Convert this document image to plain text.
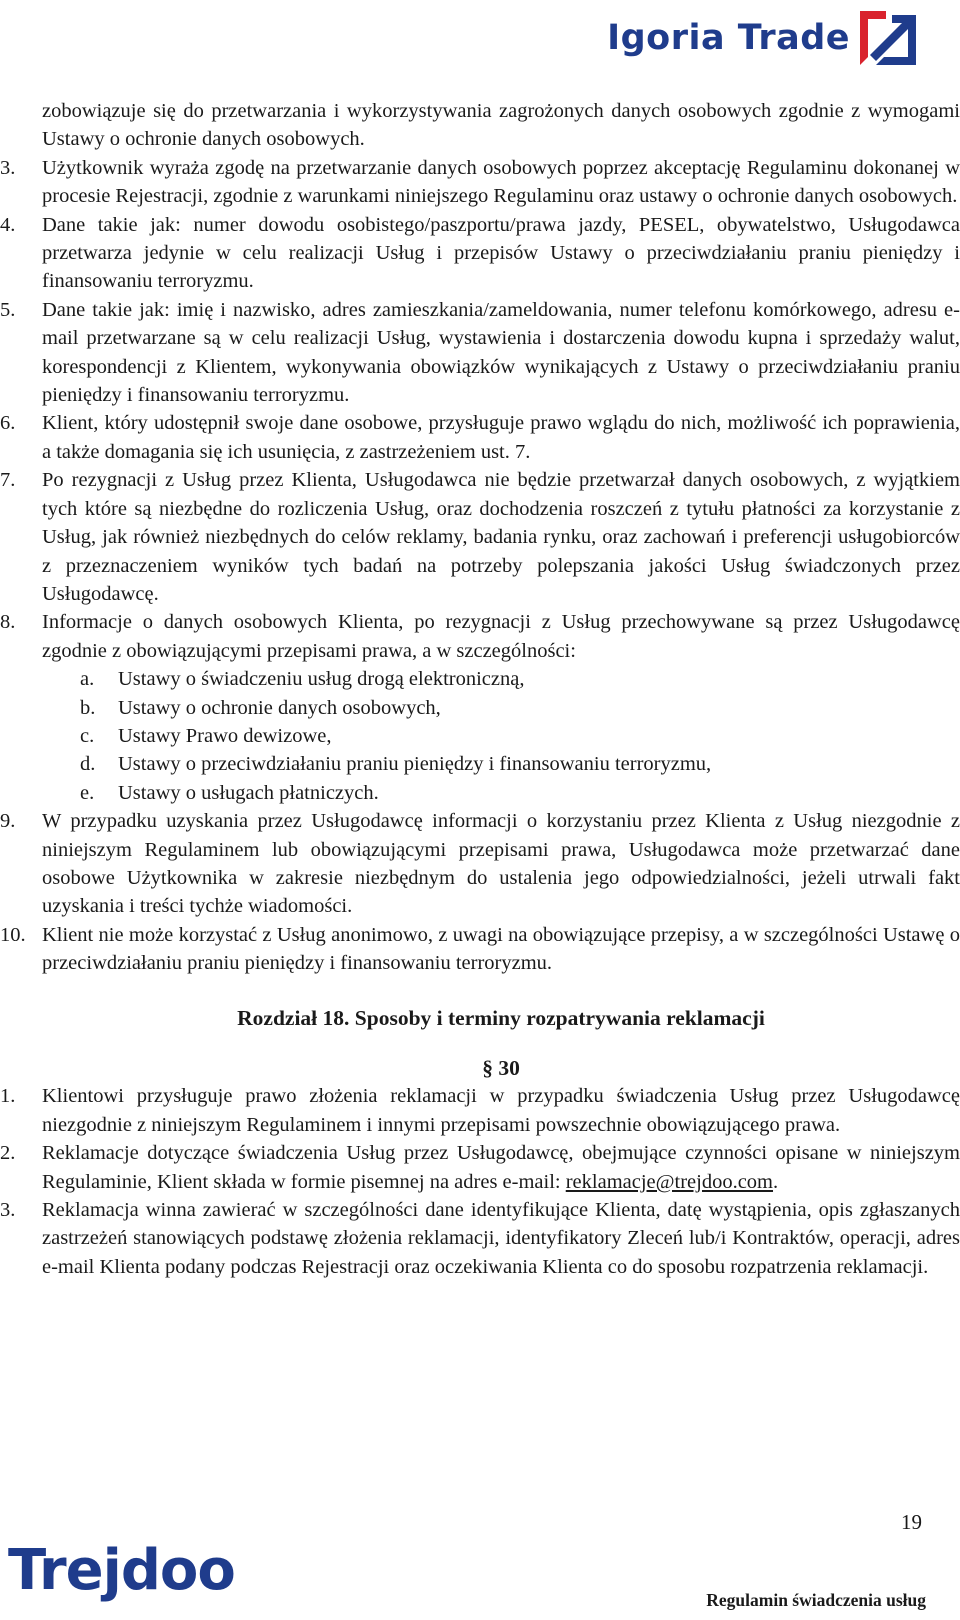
Igoria Trade

zobowiązuje się do przetwarzania i wykorzystywania zagrożonych danych osobowych zgodnie z wymogami Ustawy o ochronie danych osobowych.

3.	Użytkownik wyraża zgodę na przetwarzanie danych osobowych poprzez akceptację Regulaminu dokonanej w procesie Rejestracji, zgodnie z warunkami niniejszego Regulaminu oraz ustawy o ochronie danych osobowych.
4.	Dane takie jak: numer dowodu osobistego/paszportu/prawa jazdy, PESEL, obywatelstwo, Usługodawca przetwarza jedynie w celu realizacji Usług i przepisów Ustawy o przeciwdziałaniu praniu pieniędzy i finansowaniu terroryzmu.
5.	Dane takie jak: imię i nazwisko, adres zamieszkania/zameldowania, numer telefonu komórkowego, adresu e-mail przetwarzane są w celu realizacji Usług, wystawienia i dostarczenia dowodu kupna i sprzedaży walut, korespondencji z Klientem, wykonywania obowiązków wynikających z Ustawy o przeciwdziałaniu praniu pieniędzy i finansowaniu terroryzmu.
6.	Klient, który udostępnił swoje dane osobowe, przysługuje prawo wglądu do nich, możliwość ich poprawienia, a także domagania się ich usunięcia, z zastrzeżeniem ust. 7.
7.	Po rezygnacji z Usług przez Klienta, Usługodawca nie będzie przetwarzał danych osobowych, z wyjątkiem tych które są niezbędne do rozliczenia Usług, oraz dochodzenia roszczeń z tytułu płatności za korzystanie z Usług, jak również niezbędnych do celów reklamy, badania rynku, oraz zachowań i preferencji usługobiorców z przeznaczeniem wyników tych badań na potrzeby polepszania jakości Usług świadczonych przez Usługodawcę.
8.	Informacje o danych osobowych Klienta, po rezygnacji z Usług przechowywane są przez Usługodawcę zgodnie z obowiązującymi przepisami prawa, a w szczególności:
a. Ustawy o świadczeniu usług drogą elektroniczną,
b. Ustawy o ochronie danych osobowych,
c. Ustawy Prawo dewizowe,
d. Ustawy o przeciwdziałaniu praniu pieniędzy i finansowaniu terroryzmu,
e. Ustawy o usługach płatniczych.
9.	W przypadku uzyskania przez Usługodawcę informacji o korzystaniu przez Klienta z Usług niezgodnie z niniejszym Regulaminem lub obowiązującymi przepisami prawa, Usługodawca może przetwarzać dane osobowe Użytkownika w zakresie niezbędnym do ustalenia jego odpowiedzialności, jeżeli utrwali fakt uzyskania i treści tychże wiadomości.
10. Klient nie może korzystać z Usług anonimowo, z uwagi na obowiązujące przepisy, a w szczególności Ustawę o przeciwdziałaniu praniu pieniędzy i finansowaniu terroryzmu.
Rozdział 18. Sposoby i terminy rozpatrywania reklamacji
§ 30
1.	Klientowi przysługuje prawo złożenia reklamacji w przypadku świadczenia Usług przez Usługodawcę niezgodnie z niniejszym Regulaminem i innymi przepisami powszechnie obowiązującego prawa.
2.	Reklamacje dotyczące świadczenia Usług przez Usługodawcę, obejmujące czynności opisane w niniejszym Regulaminie, Klient składa w formie pisemnej na adres e-mail: reklamacje@trejdoo.com.
3.	Reklamacja winna zawierać w szczególności dane identyfikujące Klienta, datę wystąpienia, opis zgłaszanych zastrzeżeń stanowiących podstawę złożenia reklamacji, identyfikatory Zleceń lub/i Kontraktów, operacji, adres e-mail Klienta podany podczas Rejestracji oraz oczekiwania Klienta co do sposobu rozpatrzenia reklamacji.
19
Trejdoo	Regulamin świadczenia usług
